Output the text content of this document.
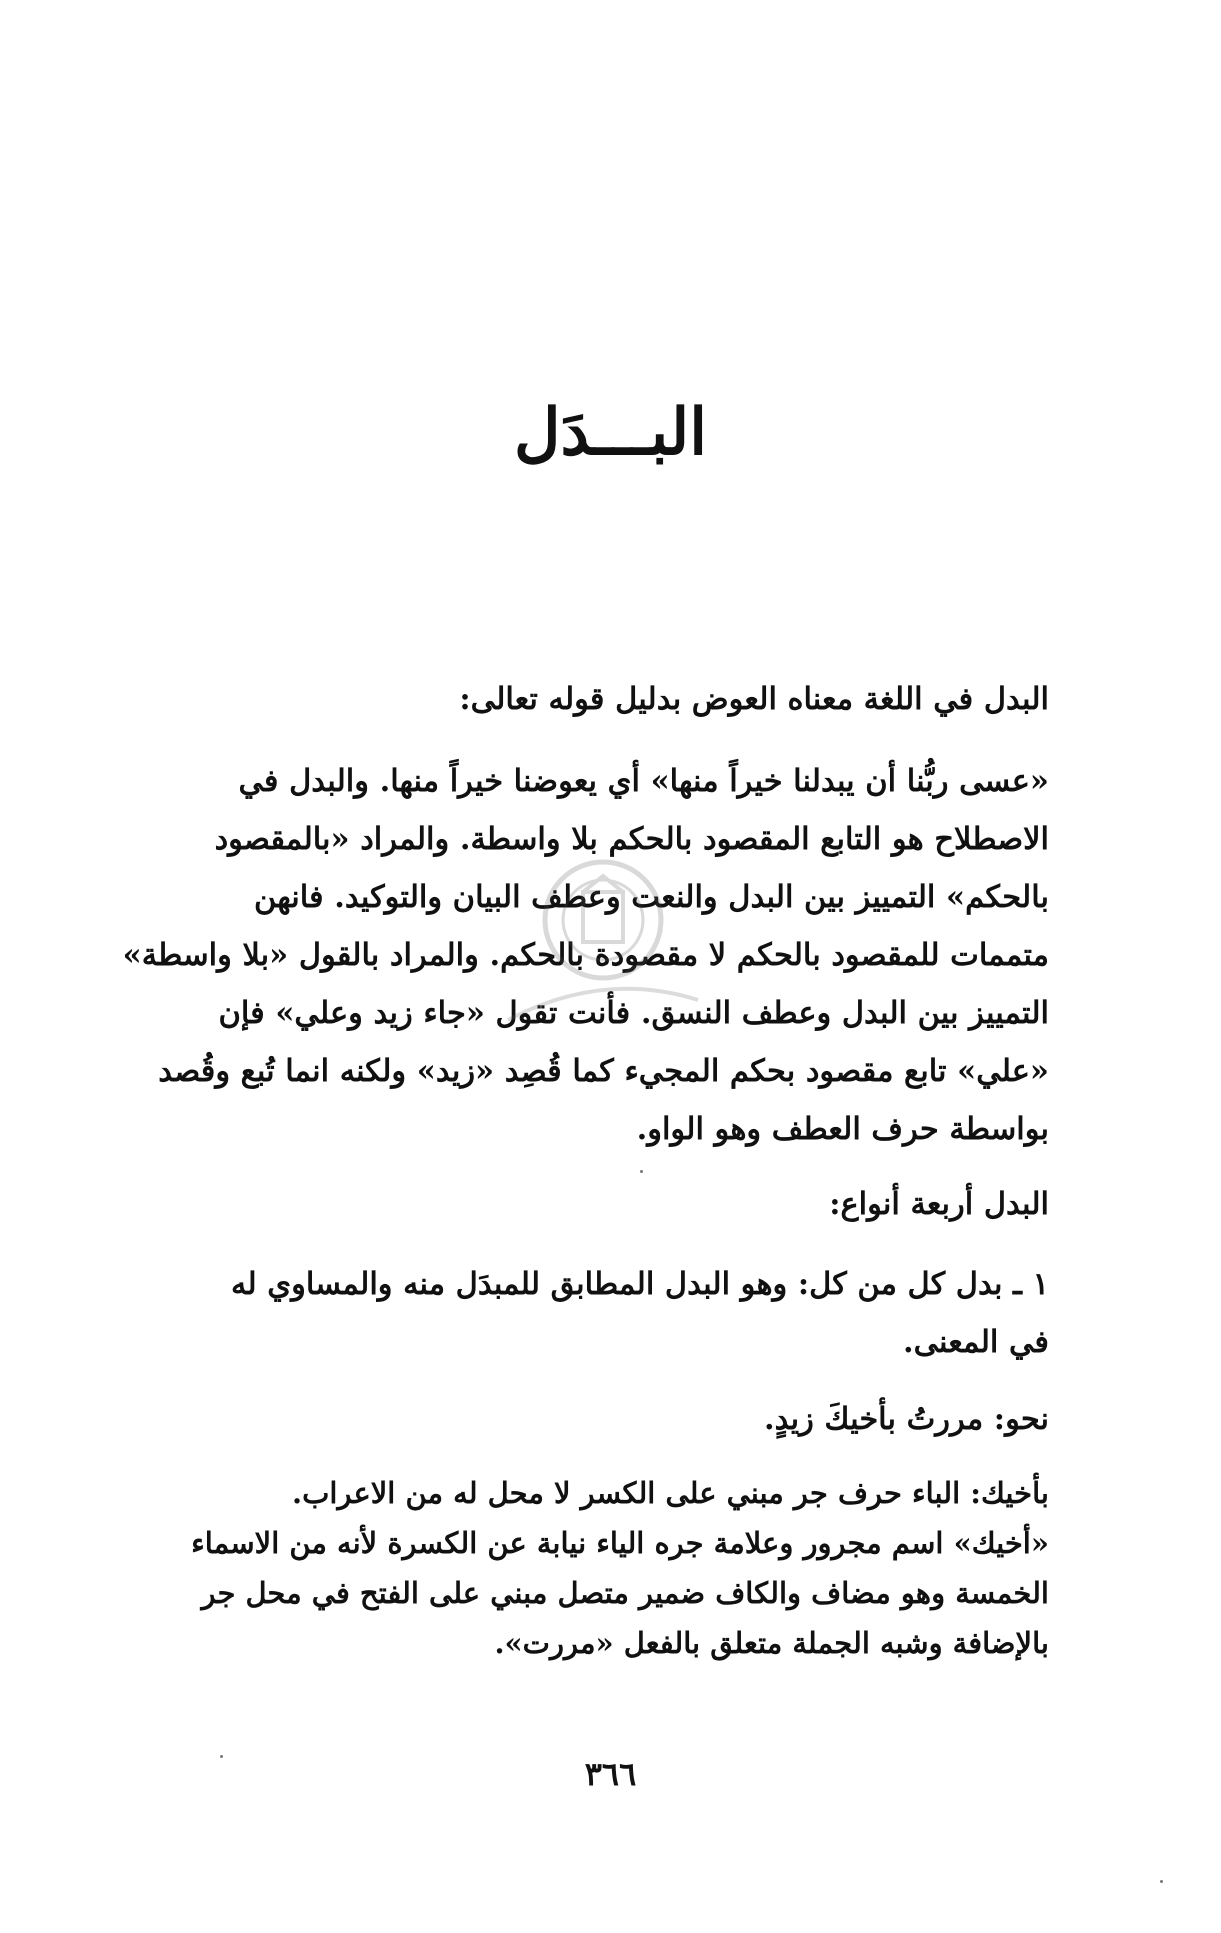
البـــدَل
البدل في اللغة معناه العوض بدليل قوله تعالى:
«عسى ربُّنا أن يبدلنا خيراً منها» أي يعوضنا خيراً منها. والبدل في
الاصطلاح هو التابع المقصود بالحكم بلا واسطة. والمراد «بالمقصود
بالحكم» التمييز بين البدل والنعت وعطف البيان والتوكيد. فانهن
متممات للمقصود بالحكم لا مقصودة بالحكم. والمراد بالقول «بلا واسطة»
التمييز بين البدل وعطف النسق. فأنت تقول «جاء زيد وعلي» فإن
«علي» تابع مقصود بحكم المجيء كما قُصِد «زيد» ولكنه انما تُبع وقُصد
بواسطة حرف العطف وهو الواو.
البدل أربعة أنواع:
١ ـ بدل كل من كل: وهو البدل المطابق للمبدَل منه والمساوي له
في المعنى.
نحو: مررتُ بأخيكَ زيدٍ.
بأخيك: الباء حرف جر مبني على الكسر لا محل له من الاعراب.
«أخيك» اسم مجرور وعلامة جره الياء نيابة عن الكسرة لأنه من الاسماء
الخمسة وهو مضاف والكاف ضمير متصل مبني على الفتح في محل جر
بالإضافة وشبه الجملة متعلق بالفعل «مررت».
٣٦٦
